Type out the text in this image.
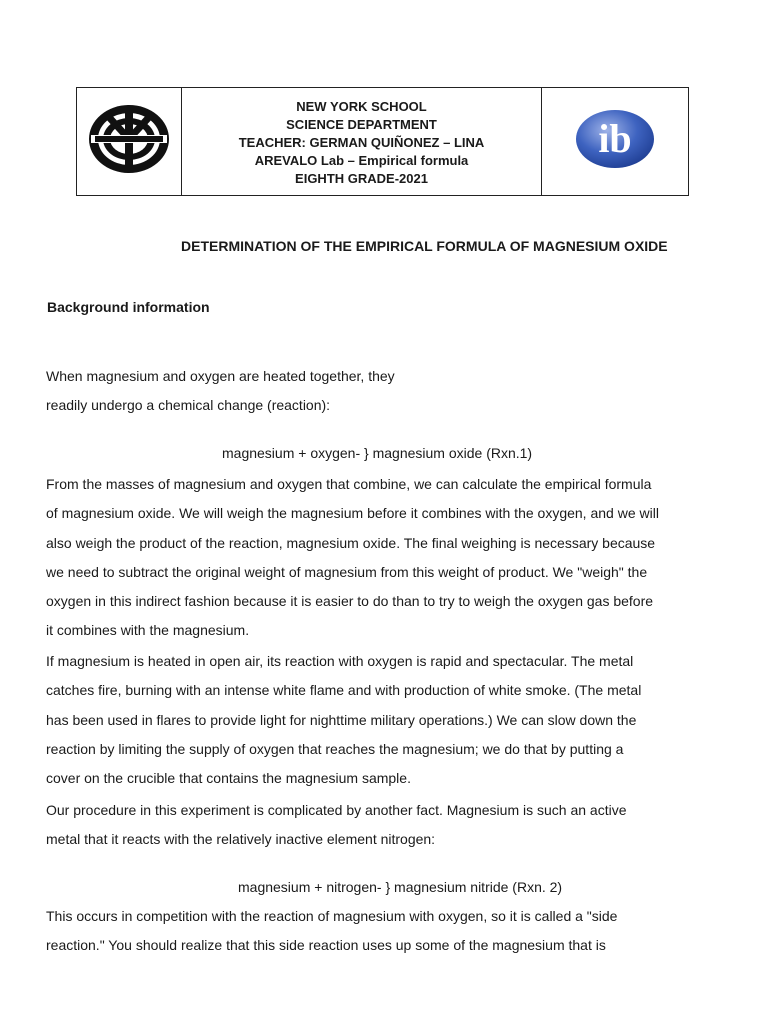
NEW YORK SCHOOL
SCIENCE DEPARTMENT
TEACHER: GERMAN QUIÑONEZ – LINA
AREVALO Lab – Empirical formula
EIGHTH GRADE-2021

ib
DETERMINATION OF THE EMPIRICAL FORMULA OF MAGNESIUM OXIDE
Background information
When magnesium and oxygen are heated together, they
readily undergo a chemical change (reaction):
magnesium + oxygen- } magnesium oxide (Rxn.1)
From the masses of magnesium and oxygen that combine, we can calculate the empirical formula
of magnesium oxide. We will weigh the magnesium before it combines with the oxygen, and we will
also weigh the product of the reaction, magnesium oxide. The final weighing is necessary because
we need to subtract the original weight of magnesium from this weight of product. We "weigh" the
oxygen in this indirect fashion because it is easier to do than to try to weigh the oxygen gas before
it combines with the magnesium.
If magnesium is heated in open air, its reaction with oxygen is rapid and spectacular. The metal
catches fire, burning with an intense white flame and with production of white smoke. (The metal
has been used in flares to provide light for nighttime military operations.) We can slow down the
reaction by limiting the supply of oxygen that reaches the magnesium; we do that by putting a
cover on the crucible that contains the magnesium sample.
Our procedure in this experiment is complicated by another fact. Magnesium is such an active
metal that it reacts with the relatively inactive element nitrogen:
magnesium + nitrogen- } magnesium nitride (Rxn. 2)
This occurs in competition with the reaction of magnesium with oxygen, so it is called a "side
reaction." You should realize that this side reaction uses up some of the magnesium that is
